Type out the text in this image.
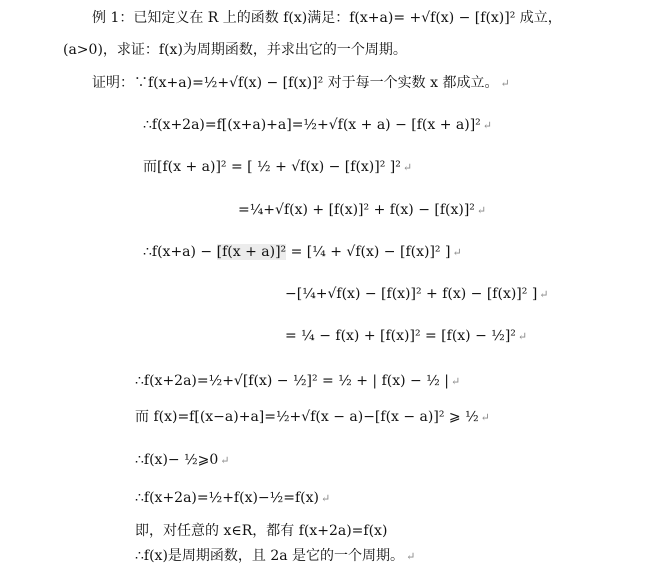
例 1：已知定义在 R 上的函数 f(x)满足：f(x+a)= +√f(x) − [f(x)]² 成立，
(a>0)，求证：f(x)为周期函数，并求出它的一个周期。
证明：∵f(x+a)=½+√f(x) − [f(x)]² 对于每一个实数 x 都成立。 ↵
∴f(x+2a)=f[(x+a)+a]=½+√f(x + a) − [f(x + a)]² ↵
而[f(x + a)]² = [ ½ + √f(x) − [f(x)]² ]² ↵
=¼+√f(x) + [f(x)]² + f(x) − [f(x)]² ↵
∴f(x+a) − [f(x + a)]² = [¼ + √f(x) − [f(x)]² ] ↵
−[¼+√f(x) − [f(x)]² + f(x) − [f(x)]² ] ↵
= ¼ − f(x) + [f(x)]² = [f(x) − ½]² ↵
∴f(x+2a)=½+√[f(x) − ½]² = ½ + | f(x) − ½ | ↵
而 f(x)=f[(x−a)+a]=½+√f(x − a)−[f(x − a)]² ⩾ ½ ↵
∴f(x)− ½⩾0 ↵
∴f(x+2a)=½+f(x)−½=f(x) ↵
即，对任意的 x∈R，都有 f(x+2a)=f(x)
∴f(x)是周期函数，且 2a 是它的一个周期。 ↵
